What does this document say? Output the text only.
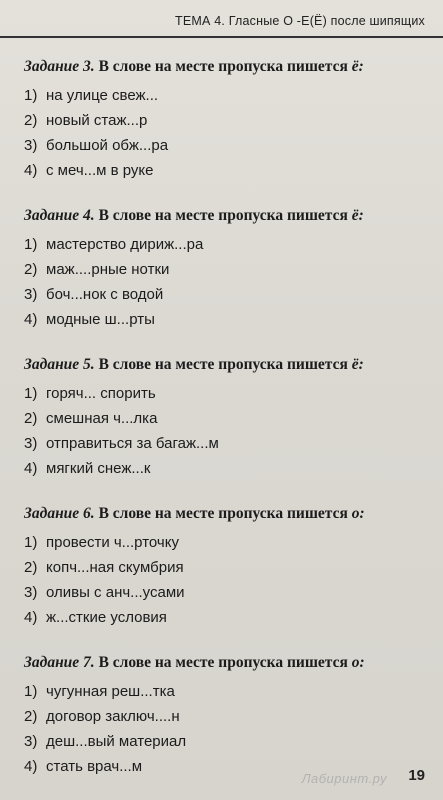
ТЕМА 4. Гласные О -Е(Ё) после шипящих
Задание 3. В слове на месте пропуска пишется ё:
1) на улице свеж...
2) новый стаж...р
3) большой обж...ра
4) с меч...м в руке
Задание 4. В слове на месте пропуска пишется ё:
1) мастерство дириж...ра
2) маж....рные нотки
3) боч...нок с водой
4) модные ш...рты
Задание 5. В слове на месте пропуска пишется ё:
1) горяч... спорить
2) смешная ч...лка
3) отправиться за багаж...м
4) мягкий снеж...к
Задание 6. В слове на месте пропуска пишется о:
1) провести ч...рточку
2) копч...ная скумбрия
3) оливы с анч...усами
4) ж...сткие условия
Задание 7. В слове на месте пропуска пишется о:
1) чугунная реш...тка
2) договор заключ....н
3) деш...вый материал
4) стать врач...м
Лабиринт.ру 19
